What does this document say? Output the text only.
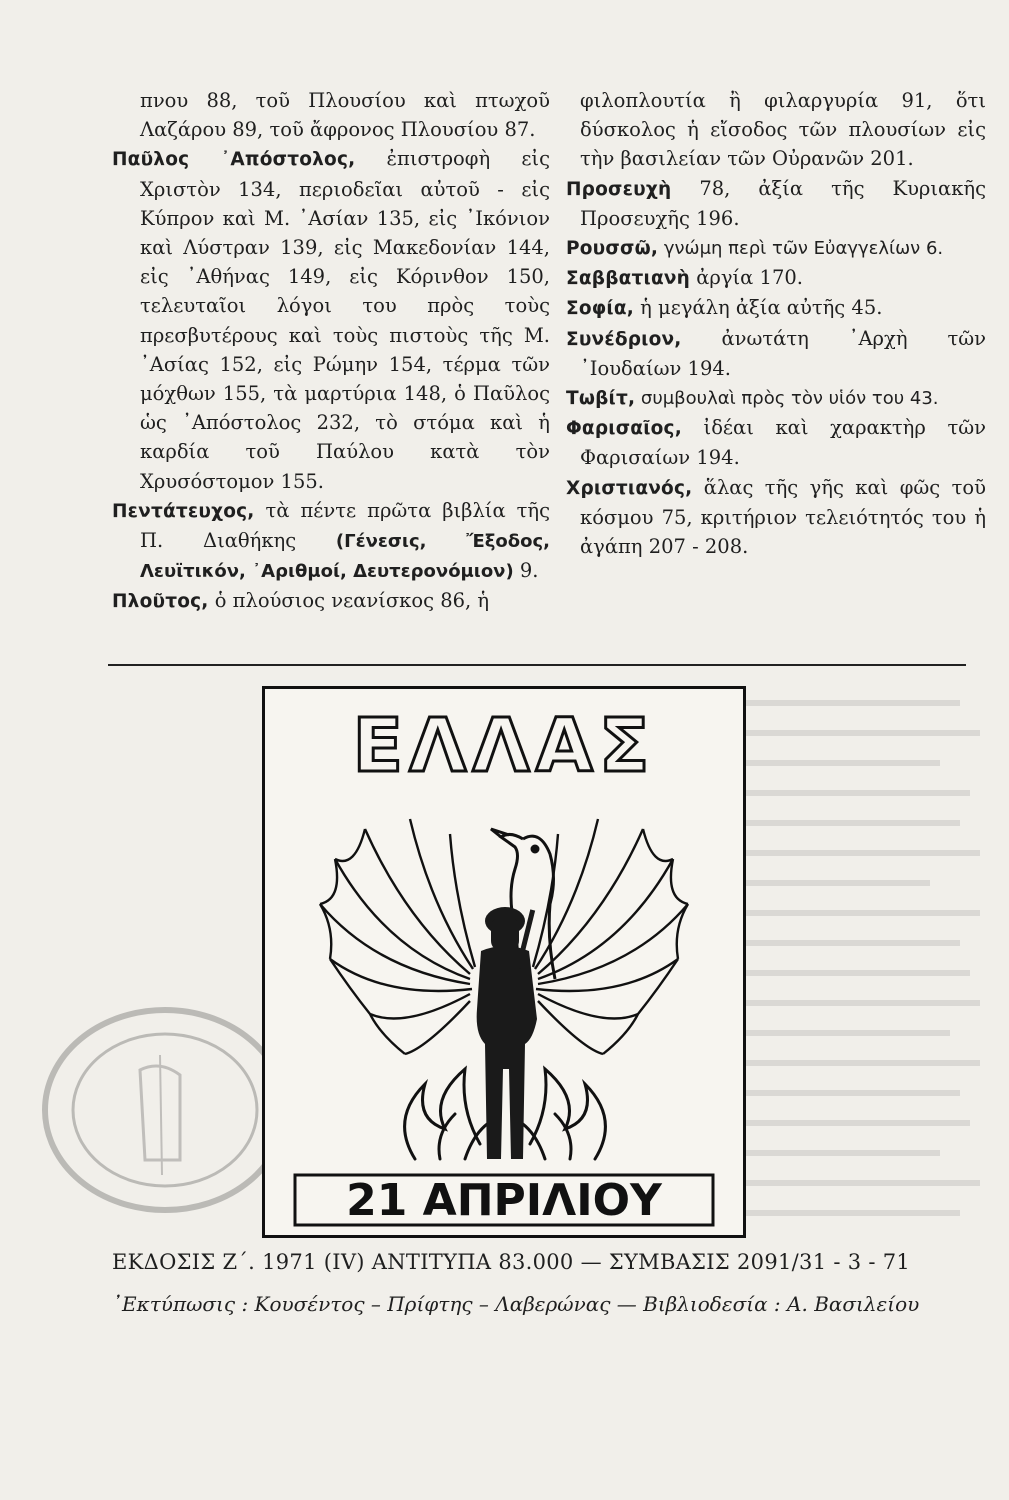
πνου 88, τοῦ Πλουσίου καὶ πτωχοῦ Λαζάρου 89, τοῦ ἄφρονος Πλουσίου 87.
Παῦλος ᾽Απόστολος, ἐπιστροφὴ εἰς Χριστὸν 134, περιοδεῖαι αὐτοῦ - εἰς Κύπρον καὶ Μ. ᾽Ασίαν 135, εἰς ᾽Ικόνιον καὶ Λύστραν 139, εἰς Μακεδονίαν 144, εἰς ᾽Αθήνας 149, εἰς Κόρινθον 150, τελευταῖοι λόγοι του πρὸς τοὺς πρεσβυτέρους καὶ τοὺς πιστοὺς τῆς Μ. ᾽Ασίας 152, εἰς Ρώμην 154, τέρμα τῶν μόχθων 155, τὰ μαρτύρια 148, ὁ Παῦλος ὡς ᾽Απόστολος 232, τὸ στόμα καὶ ἡ καρδία τοῦ Παύλου κατὰ τὸν Χρυσόστομον 155.
Πεντάτευχος, τὰ πέντε πρῶτα βιβλία τῆς Π. Διαθήκης (Γένεσις, Ἔξοδος, Λευϊτικόν, ᾽Αριθμοί, Δευτερονόμιον) 9.
Πλοῦτος, ὁ πλούσιος νεανίσκος 86, ἡ
φιλοπλουτία ἢ φιλαργυρία 91, ὅτι δύσκολος ἡ εἴσοδος τῶν πλουσίων εἰς τὴν βασιλείαν τῶν Οὐρανῶν 201.
Προσευχὴ 78, ἀξία τῆς Κυριακῆς Προσευχῆς 196.
Ρουσσῶ, γνώμη περὶ τῶν Εὐαγγελίων 6.
Σαββατιανὴ ἀργία 170.
Σοφία, ἡ μεγάλη ἀξία αὐτῆς 45.
Συνέδριον, ἀνωτάτη ᾽Αρχὴ τῶν ᾽Ιουδαίων 194.
Τωβίτ, συμβουλαὶ πρὸς τὸν υἱόν του 43.
Φαρισαῖος, ἰδέαι καὶ χαρακτὴρ τῶν Φαρισαίων 194.
Χριστιανός, ἅλας τῆς γῆς καὶ φῶς τοῦ κόσμου 75, κριτήριον τελειότητός του ἡ ἀγάπη 207 - 208.
ΕΛΛΑΣ
21 ΑΠΡΙΛΙΟΥ
ΕΚΔΟΣΙΣ Ζ΄. 1971 (IV) ΑΝΤΙΤΥΠΑ 83.000 — ΣΥΜΒΑΣΙΣ 2091/31 - 3 - 71
᾽Εκτύπωσις : Κουσέντος – Πρίφτης – Λαβερώνας — Βιβλιοδεσία : Α. Βασιλείου
